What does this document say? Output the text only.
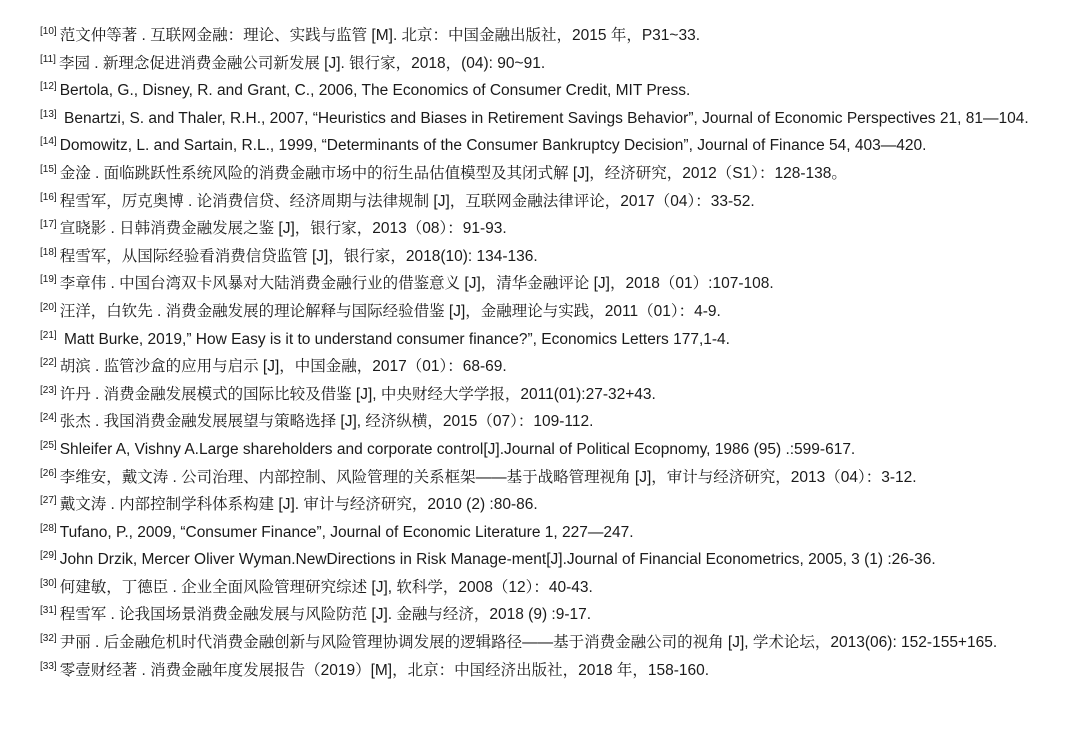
[10] 范文仲等著 . 互联网金融：理论、实践与监管 [M]. 北京：中国金融出版社，2015 年，P31~33.
[11] 李园 . 新理念促进消费金融公司新发展 [J]. 银行家，2018，(04): 90~91.
[12] Bertola, G., Disney, R. and Grant, C., 2006, The Economics of Consumer Credit, MIT Press.
[13] Benartzi, S. and Thaler, R.H., 2007, “Heuristics and Biases in Retirement Savings Behavior”, Journal of Economic Perspectives 21, 81—104.
[14] Domowitz, L. and Sartain, R.L., 1999, “Determinants of the Consumer Bankruptcy Decision”, Journal of Finance 54, 403—420.
[15] 金淦 . 面临跳跃性系统风险的消费金融市场中的衍生品估值模型及其闭式解 [J]，经济研究，2012（S1）：128-138。
[16] 程雪军，厉克奥博 . 论消费信贷、经济周期与法律规制 [J]，互联网金融法律评论，2017（04）：33-52.
[17] 宣晓影 . 日韩消费金融发展之鉴 [J]，银行家，2013（08）：91-93.
[18] 程雪军，从国际经验看消费信贷监管 [J]，银行家，2018(10): 134-136.
[19] 李章伟 . 中国台湾双卡风暴对大陆消费金融行业的借鉴意义 [J]，清华金融评论 [J]，2018（01）:107-108.
[20] 汪洋，白钦先 . 消费金融发展的理论解释与国际经验借鉴 [J]，金融理论与实践，2011（01）：4-9.
[21] Matt Burke, 2019,” How Easy is it to understand consumer finance?”, Economics Letters 177,1-4.
[22] 胡滨 . 监管沙盒的应用与启示 [J]，中国金融，2017（01）：68-69.
[23] 许丹 . 消费金融发展模式的国际比较及借鉴 [J], 中央财经大学学报，2011(01):27-32+43.
[24] 张杰 . 我国消费金融发展展望与策略选择 [J], 经济纵横，2015（07）：109-112.
[25] Shleifer A, Vishny A.Large shareholders and corporate control[J].Journal of Political Ecopnomy, 1986 (95) .:599-617.
[26] 李维安，戴文涛 . 公司治理、内部控制、风险管理的关系框架——基于战略管理视角 [J]，审计与经济研究，2013（04）：3-12.
[27] 戴文涛 . 内部控制学科体系构建 [J]. 审计与经济研究，2010 (2) :80-86.
[28] Tufano, P., 2009, “Consumer Finance”, Journal of Economic Literature 1, 227—247.
[29] John Drzik, Mercer Oliver Wyman.NewDirections in Risk Manage-ment[J].Journal of Financial Econometrics, 2005, 3 (1) :26-36.
[30] 何建敏，丁德臣 . 企业全面风险管理研究综述 [J], 软科学，2008（12）：40-43.
[31] 程雪军 . 论我国场景消费金融发展与风险防范 [J]. 金融与经济，2018 (9) :9-17.
[32] 尹丽 . 后金融危机时代消费金融创新与风险管理协调发展的逻辑路径——基于消费金融公司的视角 [J], 学术论坛，2013(06): 152-155+165.
[33] 零壹财经著 . 消费金融年度发展报告（2019）[M]，北京：中国经济出版社，2018 年，158-160.
